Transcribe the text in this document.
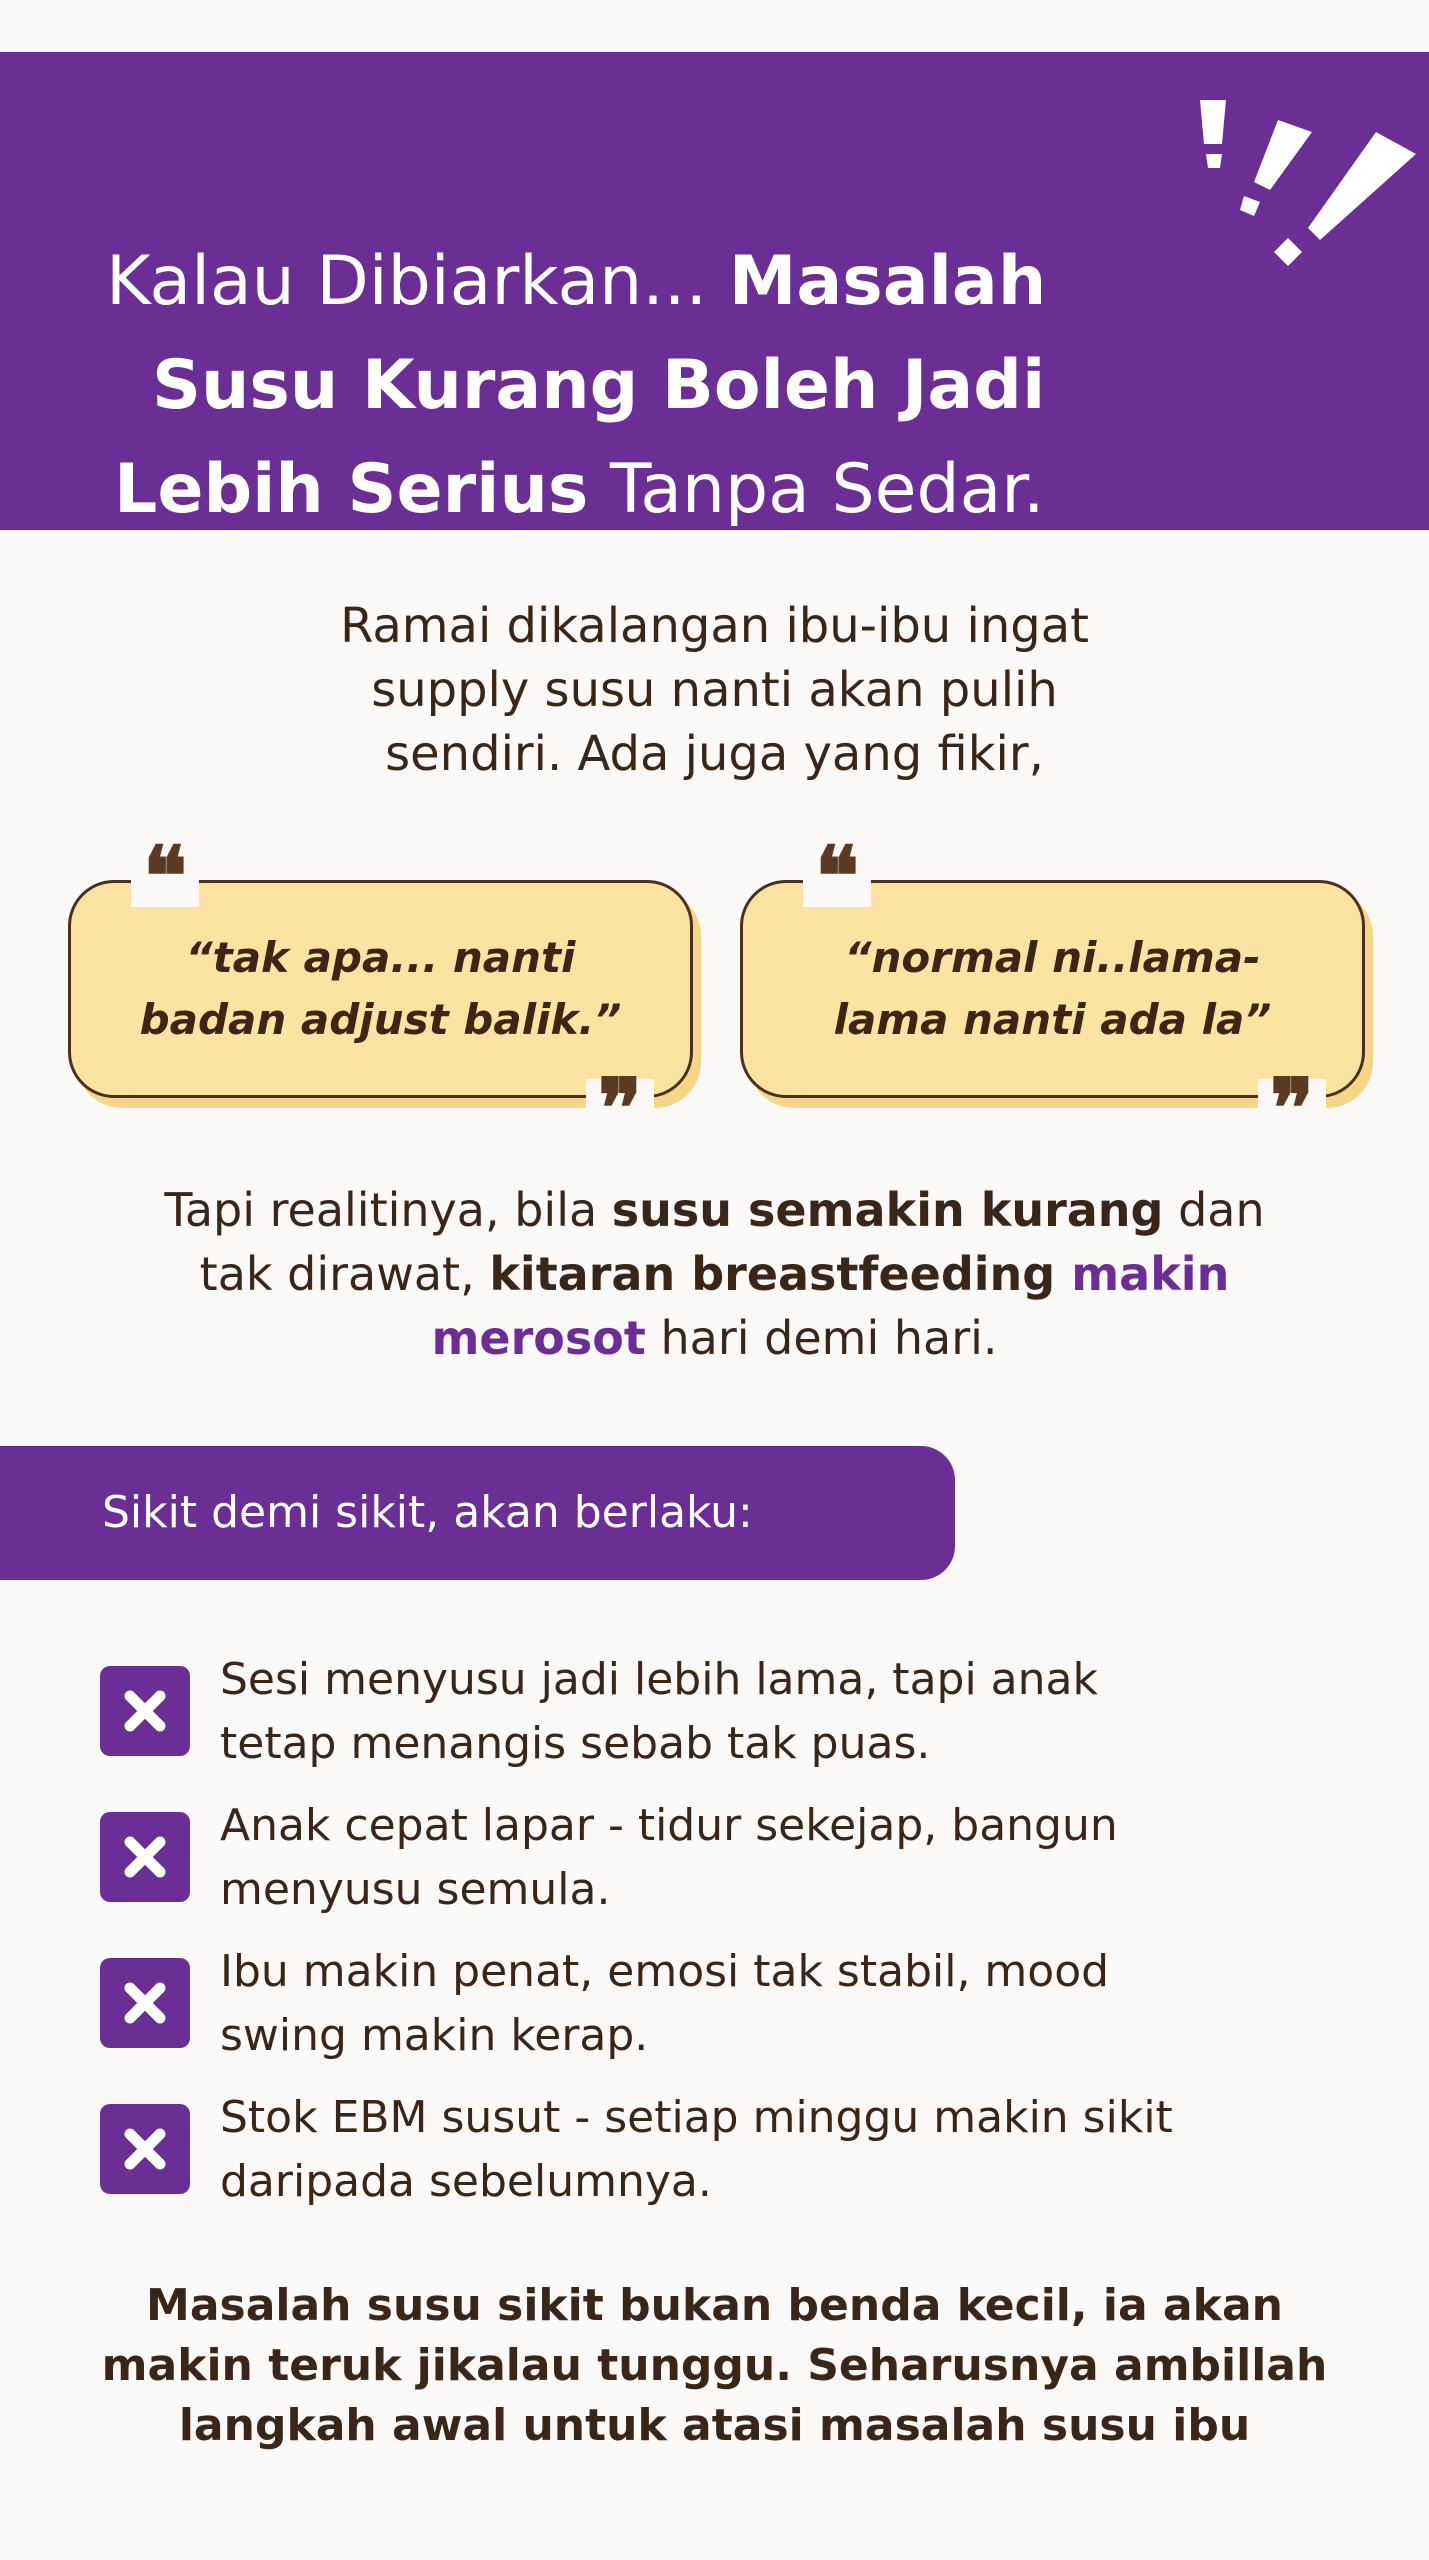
Kalau Dibiarkan... Masalah
Susu Kurang Boleh Jadi
Lebih Serius Tanpa Sedar.
Ramai dikalangan ibu-ibu ingat
supply susu nanti akan pulih
sendiri. Ada juga yang fikir,
❝
“tak apa... nanti
badan adjust balik.”
❞
❝
“normal ni..lama-
lama nanti ada la”
❞
Tapi realitinya, bila susu semakin kurang dan
tak dirawat, kitaran breastfeeding makin
merosot hari demi hari.
Sikit demi sikit, akan berlaku:
Sesi menyusu jadi lebih lama, tapi anak
tetap menangis sebab tak puas.
Anak cepat lapar - tidur sekejap, bangun
menyusu semula.
Ibu makin penat, emosi tak stabil, mood
swing makin kerap.
Stok EBM susut - setiap minggu makin sikit
daripada sebelumnya.
Masalah susu sikit bukan benda kecil, ia akan
makin teruk jikalau tunggu. Seharusnya ambillah
langkah awal untuk atasi masalah susu ibu
